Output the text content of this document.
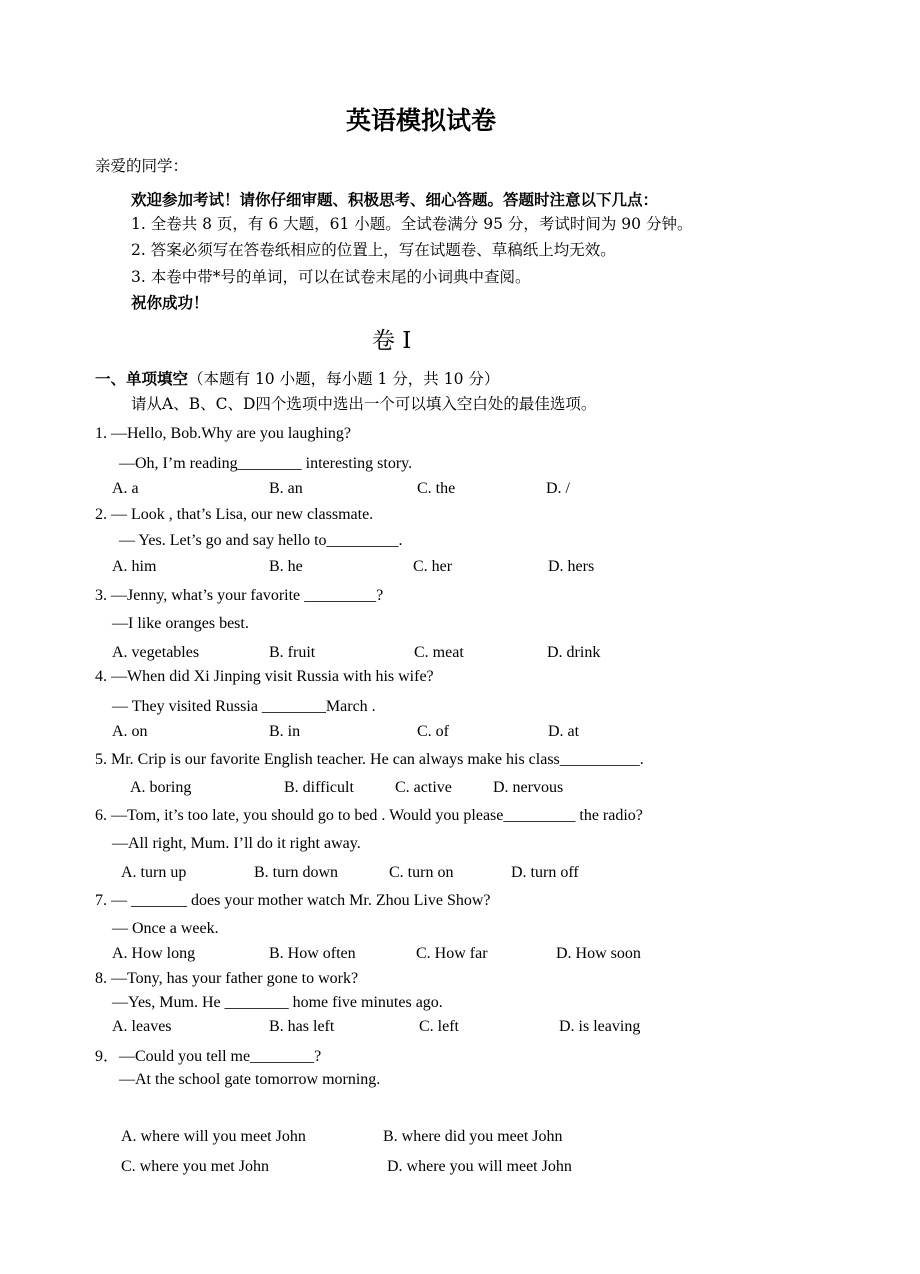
英语模拟试卷
亲爱的同学：
欢迎参加考试！请你仔细审题、积极思考、细心答题。答题时注意以下几点：
1. 全卷共 8 页，有 6 大题，61 小题。全试卷满分 95 分，考试时间为 90 分钟。
2. 答案必须写在答卷纸相应的位置上，写在试题卷、草稿纸上均无效。
3. 本卷中带*号的单词，可以在试卷末尾的小词典中查阅。
祝你成功！
卷 Ⅰ
一、单项填空（本题有 10 小题，每小题 1 分，共 10 分）
请从A、B、C、D四个选项中选出一个可以填入空白处的最佳选项。
1. —Hello, Bob.Why are you laughing?
—Oh, I’m reading________ interesting story.
A. a	B. an	C. the	D. /
2. — Look , that’s Lisa, our new classmate.
— Yes. Let’s go and say hello to_________.
A. him	B. he	C. her	D. hers
3. —Jenny, what’s your favorite _________?
—I like oranges best.
A. vegetables	B. fruit	C. meat	D. drink
4. —When did Xi Jinping visit Russia with his wife?
— They visited Russia ________March .
A. on	B. in	C. of	D. at
5. Mr. Crip is our favorite English teacher. He can always make his class__________.
A. boring	B. difficult	C. active	D. nervous
6. —Tom, it’s too late, you should go to bed . Would you please_________ the radio?
—All right, Mum. I’ll do it right away.
A. turn up	B. turn down	C. turn on	D. turn off
7. — _______ does your mother watch Mr. Zhou Live Show?
— Once a week.
A. How long	B. How often	C. How far	D. How soon
8. —Tony, has your father gone to work?
—Yes, Mum. He ________ home five minutes ago.
A. leaves	B. has left	C. left	D. is leaving
9．—Could you tell me________?
—At the school gate tomorrow morning.
A. where will you meet John	B. where did you meet John
C. where you met John	D. where you will meet John
